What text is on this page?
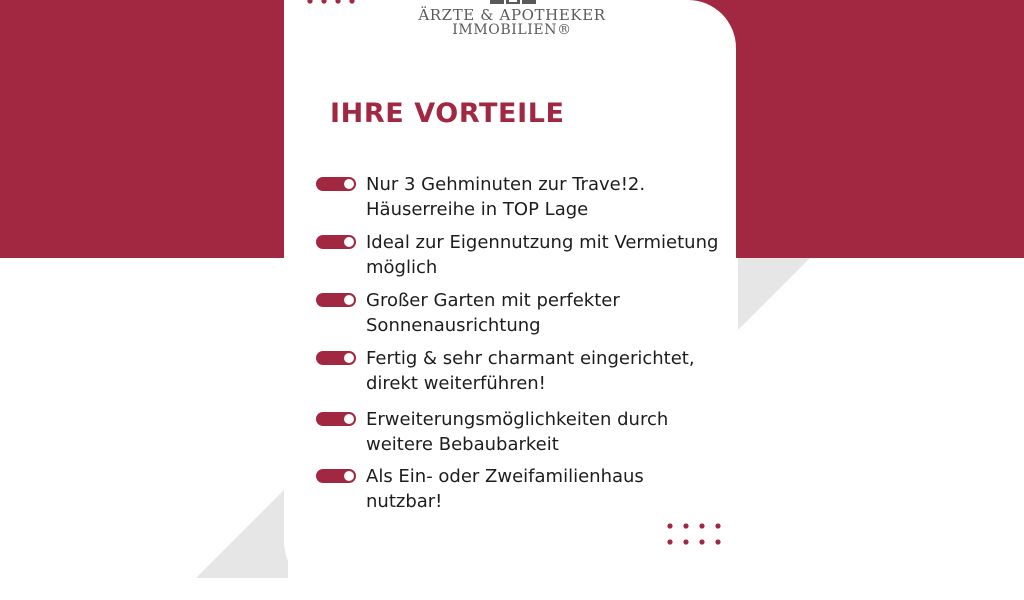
ÄRZTE & APOTHEKER
IMMOBILIEN®
IHRE VORTEILE
Nur 3 Gehminuten zur Trave!2.
Häuserreihe in TOP Lage
Ideal zur Eigennutzung mit Vermietung
möglich
Großer Garten mit perfekter
Sonnenausrichtung
Fertig & sehr charmant eingerichtet,
direkt weiterführen!
Erweiterungsmöglichkeiten durch
weitere Bebaubarkeit
Als Ein- oder Zweifamilienhaus
nutzbar!
